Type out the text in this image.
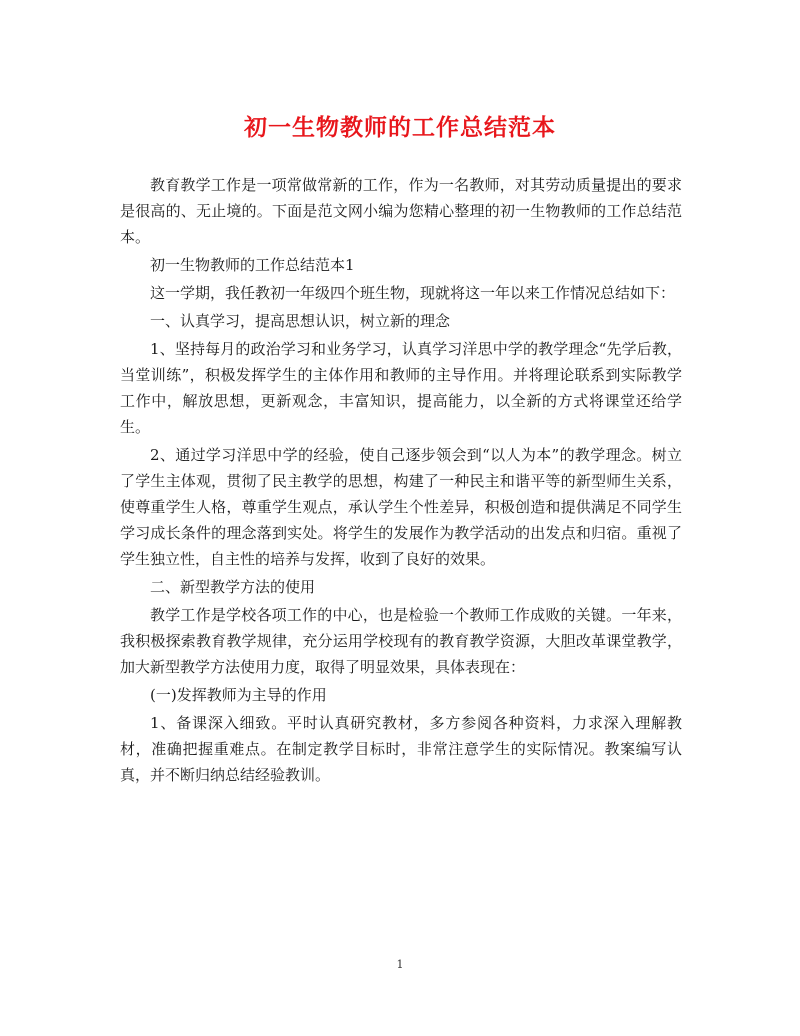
初一生物教师的工作总结范本

教育教学工作是一项常做常新的工作，作为一名教师，对其劳动质量提出的要求是很高的、无止境的。下面是范文网小编为您精心整理的初一生物教师的工作总结范本。

初一生物教师的工作总结范本1

这一学期，我任教初一年级四个班生物，现就将这一年以来工作情况总结如下：

一、认真学习，提高思想认识，树立新的理念

1、坚持每月的政治学习和业务学习，认真学习洋思中学的教学理念“先学后教，当堂训练”，积极发挥学生的主体作用和教师的主导作用。并将理论联系到实际教学工作中，解放思想，更新观念，丰富知识，提高能力，以全新的方式将课堂还给学生。

2、通过学习洋思中学的经验，使自己逐步领会到“以人为本”的教学理念。树立了学生主体观，贯彻了民主教学的思想，构建了一种民主和谐平等的新型师生关系，使尊重学生人格，尊重学生观点，承认学生个性差异，积极创造和提供满足不同学生学习成长条件的理念落到实处。将学生的发展作为教学活动的出发点和归宿。重视了学生独立性，自主性的培养与发挥，收到了良好的效果。

二、新型教学方法的使用

教学工作是学校各项工作的中心，也是检验一个教师工作成败的关键。一年来，我积极探索教育教学规律，充分运用学校现有的教育教学资源，大胆改革课堂教学，加大新型教学方法使用力度，取得了明显效果，具体表现在：

(一)发挥教师为主导的作用

1、备课深入细致。平时认真研究教材，多方参阅各种资料，力求深入理解教材，准确把握重难点。在制定教学目标时，非常注意学生的实际情况。教案编写认真，并不断归纳总结经验教训。

1
